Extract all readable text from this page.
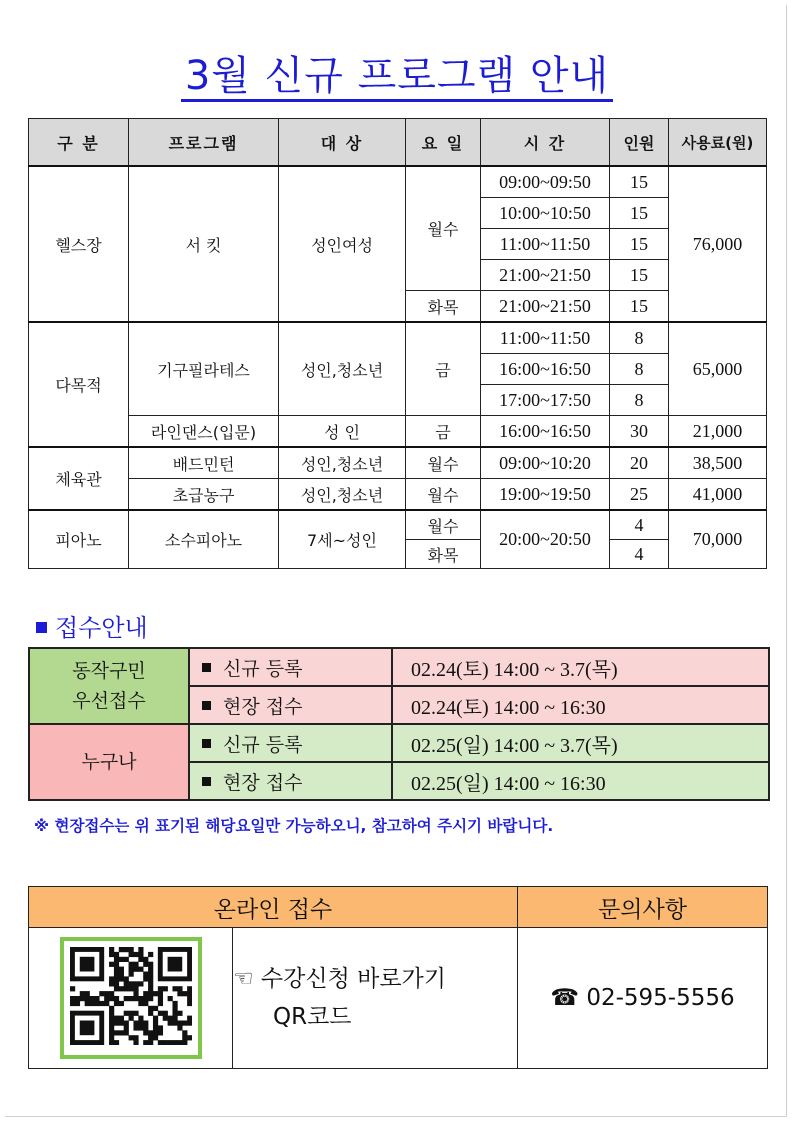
3월 신규 프로그램 안내
구 분	프로그램	대 상	요 일	시 간	인원	사용료(원)
헬스장	서 킷	성인여성	월수	09:00~09:50	15	76,000
				10:00~10:50	15	
				11:00~11:50	15	
				21:00~21:50	15	
			화목	21:00~21:50	15	
다목적	기구필라테스	성인,청소년	금	11:00~11:50	8	65,000
				16:00~16:50	8	
				17:00~17:50	8	
	라인댄스(입문)	성 인	금	16:00~16:50	30	21,000
체육관	배드민턴	성인,청소년	월수	09:00~10:20	20	38,500
	초급농구	성인,청소년	월수	19:00~19:50	25	41,000
피아노	소수피아노	7세~성인	월수	20:00~20:50	4	70,000
			화목		4	
접수안내
동작구민
우선접수	신규 등록	02.24(토) 14:00 ~ 3.7(목)
	현장 접수	02.24(토) 14:00 ~ 16:30
누구나	신규 등록	02.25(일) 14:00 ~ 3.7(목)
	현장 접수	02.25(일) 14:00 ~ 16:30
※ 현장접수는 위 표기된 해당요일만 가능하오니, 참고하여 주시기 바랍니다.
온라인 접수		문의사항

☜ 수강신청 바로가기
QR코드	☎ 02-595-5556
